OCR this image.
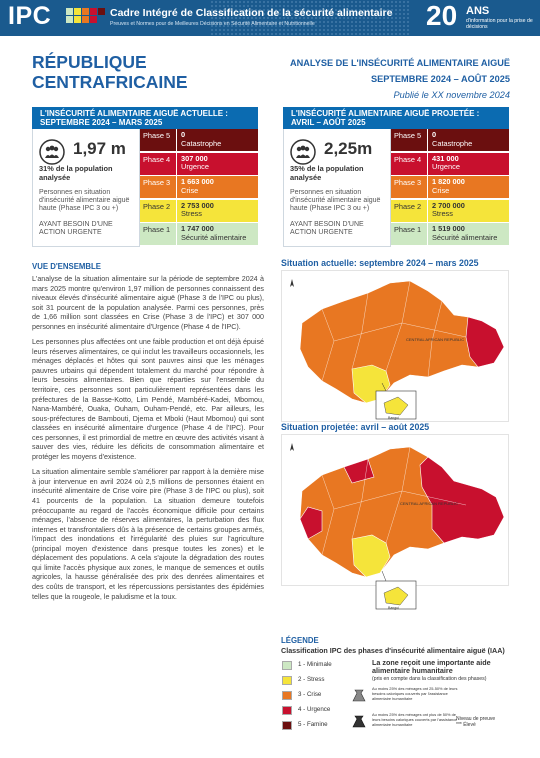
IPC	Cadre Intégré de Classification de la sécurité alimentaire
Preuves et Normes pour de Meilleures Décisions en Sécurité Alimentaire et Nutritionnelle	20 ANS
d'information pour la prise de décisions
RÉPUBLIQUE CENTRAFRICAINE
ANALYSE DE L'INSÉCURITÉ ALIMENTAIRE AIGUË
SEPTEMBRE 2024 – AOÛT 2025
Publié le XX novembre 2024
L'INSÉCURITÉ ALIMENTAIRE AIGUË ACTUELLE : SEPTEMBRE 2024 – MARS 2025
1,97 m
31% de la population analysée
Personnes en situation d'insécurité alimentaire aiguë haute (Phase IPC 3 ou +)
AYANT BESOIN D'UNE ACTION URGENTE
Phase 5	0
Catastrophe
Phase 4	307 000
Urgence
Phase 3	1 663 000
Crise
Phase 2	2 753 000
Stress
Phase 1	1 747 000
Sécurité alimentaire
L'INSÉCURITÉ ALIMENTAIRE AIGUË PROJETÉE : AVRIL – AOÛT 2025
2,25m
35% de la population analysée
Personnes en situation d'insécurité alimentaire aiguë haute (Phase IPC 3 ou +)
AYANT BESOIN D'UNE ACTION URGENTE
Phase 5	0
Catastrophe
Phase 4	431 000
Urgence
Phase 3	1 820 000
Crise
Phase 2	2 700 000
Stress
Phase 1	1 519 000
Sécurité alimentaire
VUE D'ENSEMBLE

L'analyse de la situation alimentaire sur la période de septembre 2024 à mars 2025 montre qu'environ 1,97 million de personnes connaissent des niveaux élevés d'insécurité alimentaire aiguë (Phase 3 de l'IPC ou plus), soit 31 pourcent de la population analysée. Parmi ces personnes, près de 1,66 million sont classées en Crise (Phase 3 de l'IPC) et 307 000 personnes en insécurité alimentaire d'Urgence (Phase 4 de l'IPC).

Les personnes plus affectées ont une faible production et ont déjà épuisé leurs réserves alimentaires, ce qui inclut les travailleurs occasionnels, les ménages déplacés et hôtes qui sont pauvres ainsi que les ménages pauvres urbains qui dépendent totalement du marché pour répondre à leurs besoins alimentaires. Bien que réparties sur l'ensemble du territoire, ces personnes sont particulièrement représentées dans les préfectures de la Basse-Kotto, Lim Pendé, Mambéré-Kadei, Mbomou, Nana-Mambéré, Ouaka, Ouham, Ouham-Pendé, etc. Par ailleurs, les sous-préfectures de Bambouti, Djema et Mboki (Haut Mbomou) qui sont classées en insécurité alimentaire d'urgence (Phase 4 de l'IPC). Pour ces personnes, il est primordial de mettre en œuvre des activités visant à sauver des vies, réduire les déficits de consommation alimentaire et protéger les moyens d'existence.

La situation alimentaire semble s'améliorer par rapport à la dernière mise à jour intervenue en avril 2024 où 2,5 millions de personnes étaient en insécurité alimentaire de Crise voire pire (Phase 3 de l'IPC ou plus), soit 41 pourcents de la population. La situation demeure toutefois préoccupante au regard de l'accès économique difficile pour certains ménages, l'absence de réserves alimentaires, la perturbation des flux internes et transfrontaliers dûs à la présence de certains groupes armés, l'impact des inondations et l'irrégularité des pluies sur l'agriculture (principal moyen d'existence dans presque toutes les zones) et le déplacement des populations. A cela s'ajoute la dégradation des routes qui limite l'accès physique aux zones, le manque de semences et outils agricoles, la hausse généralisée des prix des denrées alimentaires et des coûts de transport, et les répercussions persistantes des épidémies telles que la rougeole, le paludisme et la toux.

Situation actuelle: septembre 2024 – mars 2025
CENTRAL AFRICAN REPUBLIC
Bangui
Situation projetée: avril – août 2025
CENTRAL AFRICAN REPUBLIC
Bangui
LÉGENDE
Classification IPC des phases d'insécurité alimentaire aiguë (IAA)
1 - Minimale
2 - Stress
3 - Crise
4 - Urgence
5 - Famine
La zone reçoit une importante aide alimentaire humanitaire
(pris en compte dans la classification des phases)
Au moins 25% des ménages ont 25-50% de leurs besoins caloriques couverts par l'assistance alimentaire humanitaire
Au moins 25% des ménages ont plus de 50% de leurs besoins caloriques couverts par l'assistance alimentaire humanitaire
Niveau de preuve
*** Élevé
